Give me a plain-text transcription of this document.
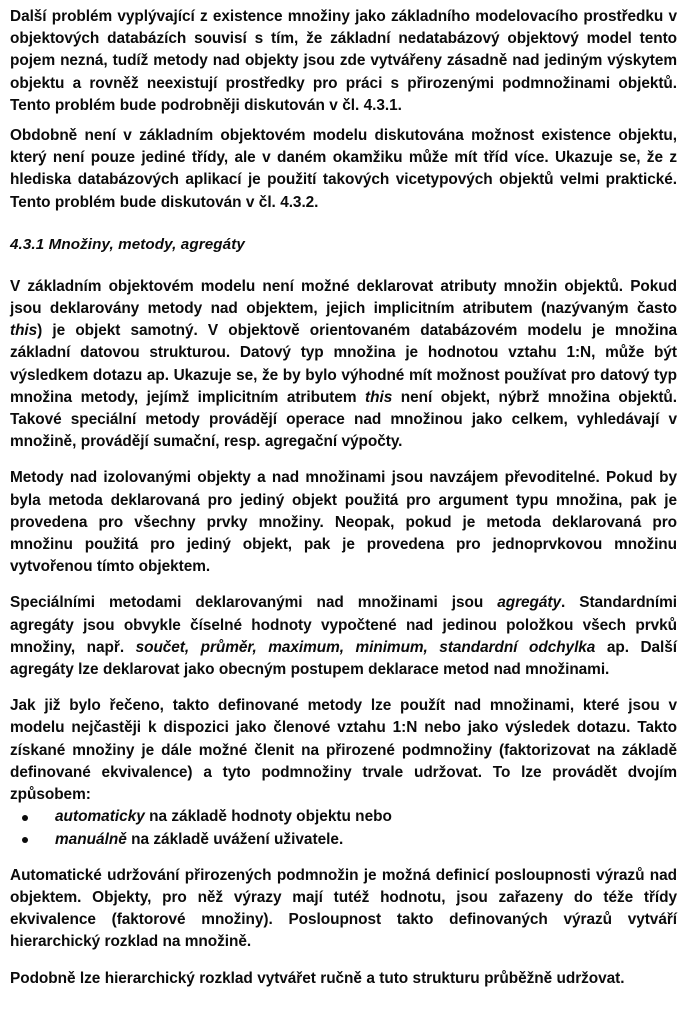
Další problém vyplývající z existence množiny jako základního modelovacího prostředku v objektových databázích souvisí s tím, že základní nedatabázový objektový model tento pojem nezná, tudíž metody nad objekty jsou zde vytvářeny zásadně nad jediným výskytem objektu a rovněž neexistují prostředky pro práci s přirozenými podmnožinami objektů. Tento problém bude podrobněji diskutován v čl. 4.3.1.

Obdobně není v základním objektovém modelu diskutována možnost existence objektu, který není pouze jediné třídy, ale v daném okamžiku může mít tříd více. Ukazuje se, že z hlediska databázových aplikací je použití takových vicetypových objektů velmi praktické. Tento problém bude diskutován v čl. 4.3.2.

4.3.1 Množiny, metody, agregáty

V základním objektovém modelu není možné deklarovat atributy množin objektů. Pokud jsou deklarovány metody nad objektem, jejich implicitním atributem (nazývaným často this) je objekt samotný. V objektově orientovaném databázovém modelu je množina základní datovou strukturou. Datový typ množina je hodnotou vztahu 1:N, může být výsledkem dotazu ap. Ukazuje se, že by bylo výhodné mít možnost používat pro datový typ množina metody, jejímž implicitním atributem this není objekt, nýbrž množina objektů. Takové speciální metody provádějí operace nad množinou jako celkem, vyhledávají v množině, provádějí sumační, resp. agregační výpočty.

Metody nad izolovanými objekty a nad množinami jsou navzájem převoditelné. Pokud by byla metoda deklarovaná pro jediný objekt použitá pro argument typu množina, pak je provedena pro všechny prvky množiny. Neopak, pokud je metoda deklarovaná pro množinu použitá pro jediný objekt, pak je provedena pro jednoprvkovou množinu vytvořenou tímto objektem.

Speciálními metodami deklarovanými nad množinami jsou agregáty. Standardními agregáty jsou obvykle číselné hodnoty vypočtené nad jedinou položkou všech prvků množiny, např. součet, průměr, maximum, minimum, standardní odchylka ap. Další agregáty lze deklarovat jako obecným postupem deklarace metod nad množinami.

Jak již bylo řečeno, takto definované metody lze použít nad množinami, které jsou v modelu nejčastěji k dispozici jako členové vztahu 1:N nebo jako výsledek dotazu. Takto získané množiny je dále možné členit na přirozené podmnožiny (faktorizovat na základě definované ekvivalence) a tyto podmnožiny trvale udržovat. To lze provádět dvojím způsobem:

automaticky na základě hodnoty objektu nebo
manuálně na základě uvážení uživatele.

Automatické udržování přirozených podmnožin je možná definicí posloupnosti výrazů nad objektem. Objekty, pro něž výrazy mají tutéž hodnotu, jsou zařazeny do téže třídy ekvivalence (faktorové množiny). Posloupnost takto definovaných výrazů vytváří hierarchický rozklad na množině.

Podobně lze hierarchický rozklad vytvářet ručně a tuto strukturu průběžně udržovat.
